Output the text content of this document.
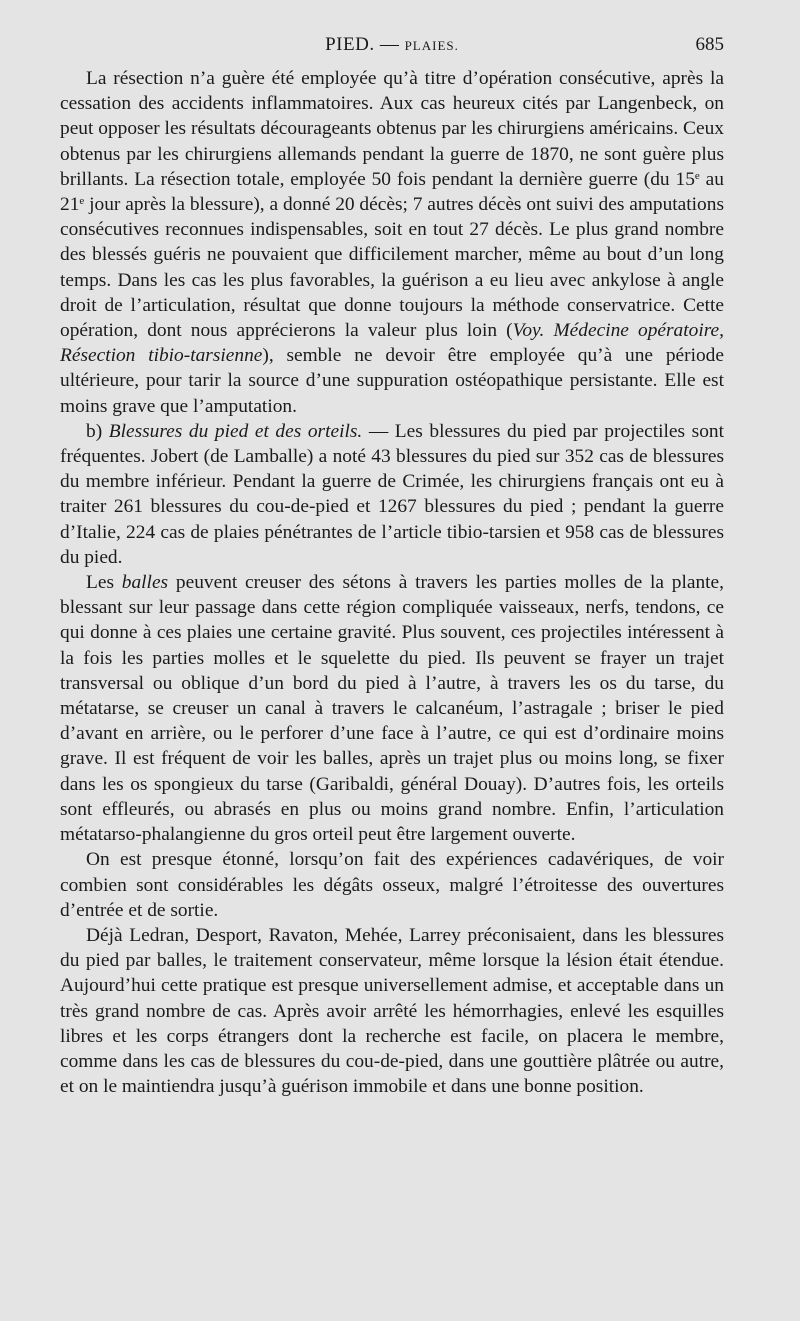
PIED. — PLAIES.	685

La résection n’a guère été employée qu’à titre d’opération consécutive, après la cessation des accidents inflammatoires. Aux cas heureux cités par Langenbeck, on peut opposer les résultats décourageants obtenus par les chirurgiens américains. Ceux obtenus par les chirurgiens allemands pendant la guerre de 1870, ne sont guère plus brillants. La résection totale, employée 50 fois pendant la dernière guerre (du 15e au 21e jour après la blessure), a donné 20 décès; 7 autres décès ont suivi des amputations consécutives reconnues indispensables, soit en tout 27 décès. Le plus grand nombre des blessés guéris ne pouvaient que difficilement marcher, même au bout d’un long temps. Dans les cas les plus favorables, la guérison a eu lieu avec ankylose à angle droit de l’articulation, résultat que donne toujours la méthode conservatrice. Cette opération, dont nous apprécierons la valeur plus loin (Voy. Médecine opératoire, Résection tibio-tarsienne), semble ne devoir être employée qu’à une période ultérieure, pour tarir la source d’une suppuration ostéopathique persistante. Elle est moins grave que l’amputation.

b) Blessures du pied et des orteils. — Les blessures du pied par projectiles sont fréquentes. Jobert (de Lamballe) a noté 43 blessures du pied sur 352 cas de blessures du membre inférieur. Pendant la guerre de Crimée, les chirurgiens français ont eu à traiter 261 blessures du cou-de-pied et 1267 blessures du pied ; pendant la guerre d’Italie, 224 cas de plaies pénétrantes de l’article tibio-tarsien et 958 cas de blessures du pied.

Les balles peuvent creuser des sétons à travers les parties molles de la plante, blessant sur leur passage dans cette région compliquée vaisseaux, nerfs, tendons, ce qui donne à ces plaies une certaine gravité. Plus souvent, ces projectiles intéressent à la fois les parties molles et le squelette du pied. Ils peuvent se frayer un trajet transversal ou oblique d’un bord du pied à l’autre, à travers les os du tarse, du métatarse, se creuser un canal à travers le calcanéum, l’astragale ; briser le pied d’avant en arrière, ou le perforer d’une face à l’autre, ce qui est d’ordinaire moins grave. Il est fréquent de voir les balles, après un trajet plus ou moins long, se fixer dans les os spongieux du tarse (Garibaldi, général Douay). D’autres fois, les orteils sont effleurés, ou abrasés en plus ou moins grand nombre. Enfin, l’articulation métatarso-phalangienne du gros orteil peut être largement ouverte.

On est presque étonné, lorsqu’on fait des expériences cadavériques, de voir combien sont considérables les dégâts osseux, malgré l’étroitesse des ouvertures d’entrée et de sortie.

Déjà Ledran, Desport, Ravaton, Mehée, Larrey préconisaient, dans les blessures du pied par balles, le traitement conservateur, même lorsque la lésion était étendue. Aujourd’hui cette pratique est presque universellement admise, et acceptable dans un très grand nombre de cas. Après avoir arrêté les hémorrhagies, enlevé les esquilles libres et les corps étrangers dont la recherche est facile, on placera le membre, comme dans les cas de blessures du cou-de-pied, dans une gouttière plâtrée ou autre, et on le maintiendra jusqu’à guérison immobile et dans une bonne position.
